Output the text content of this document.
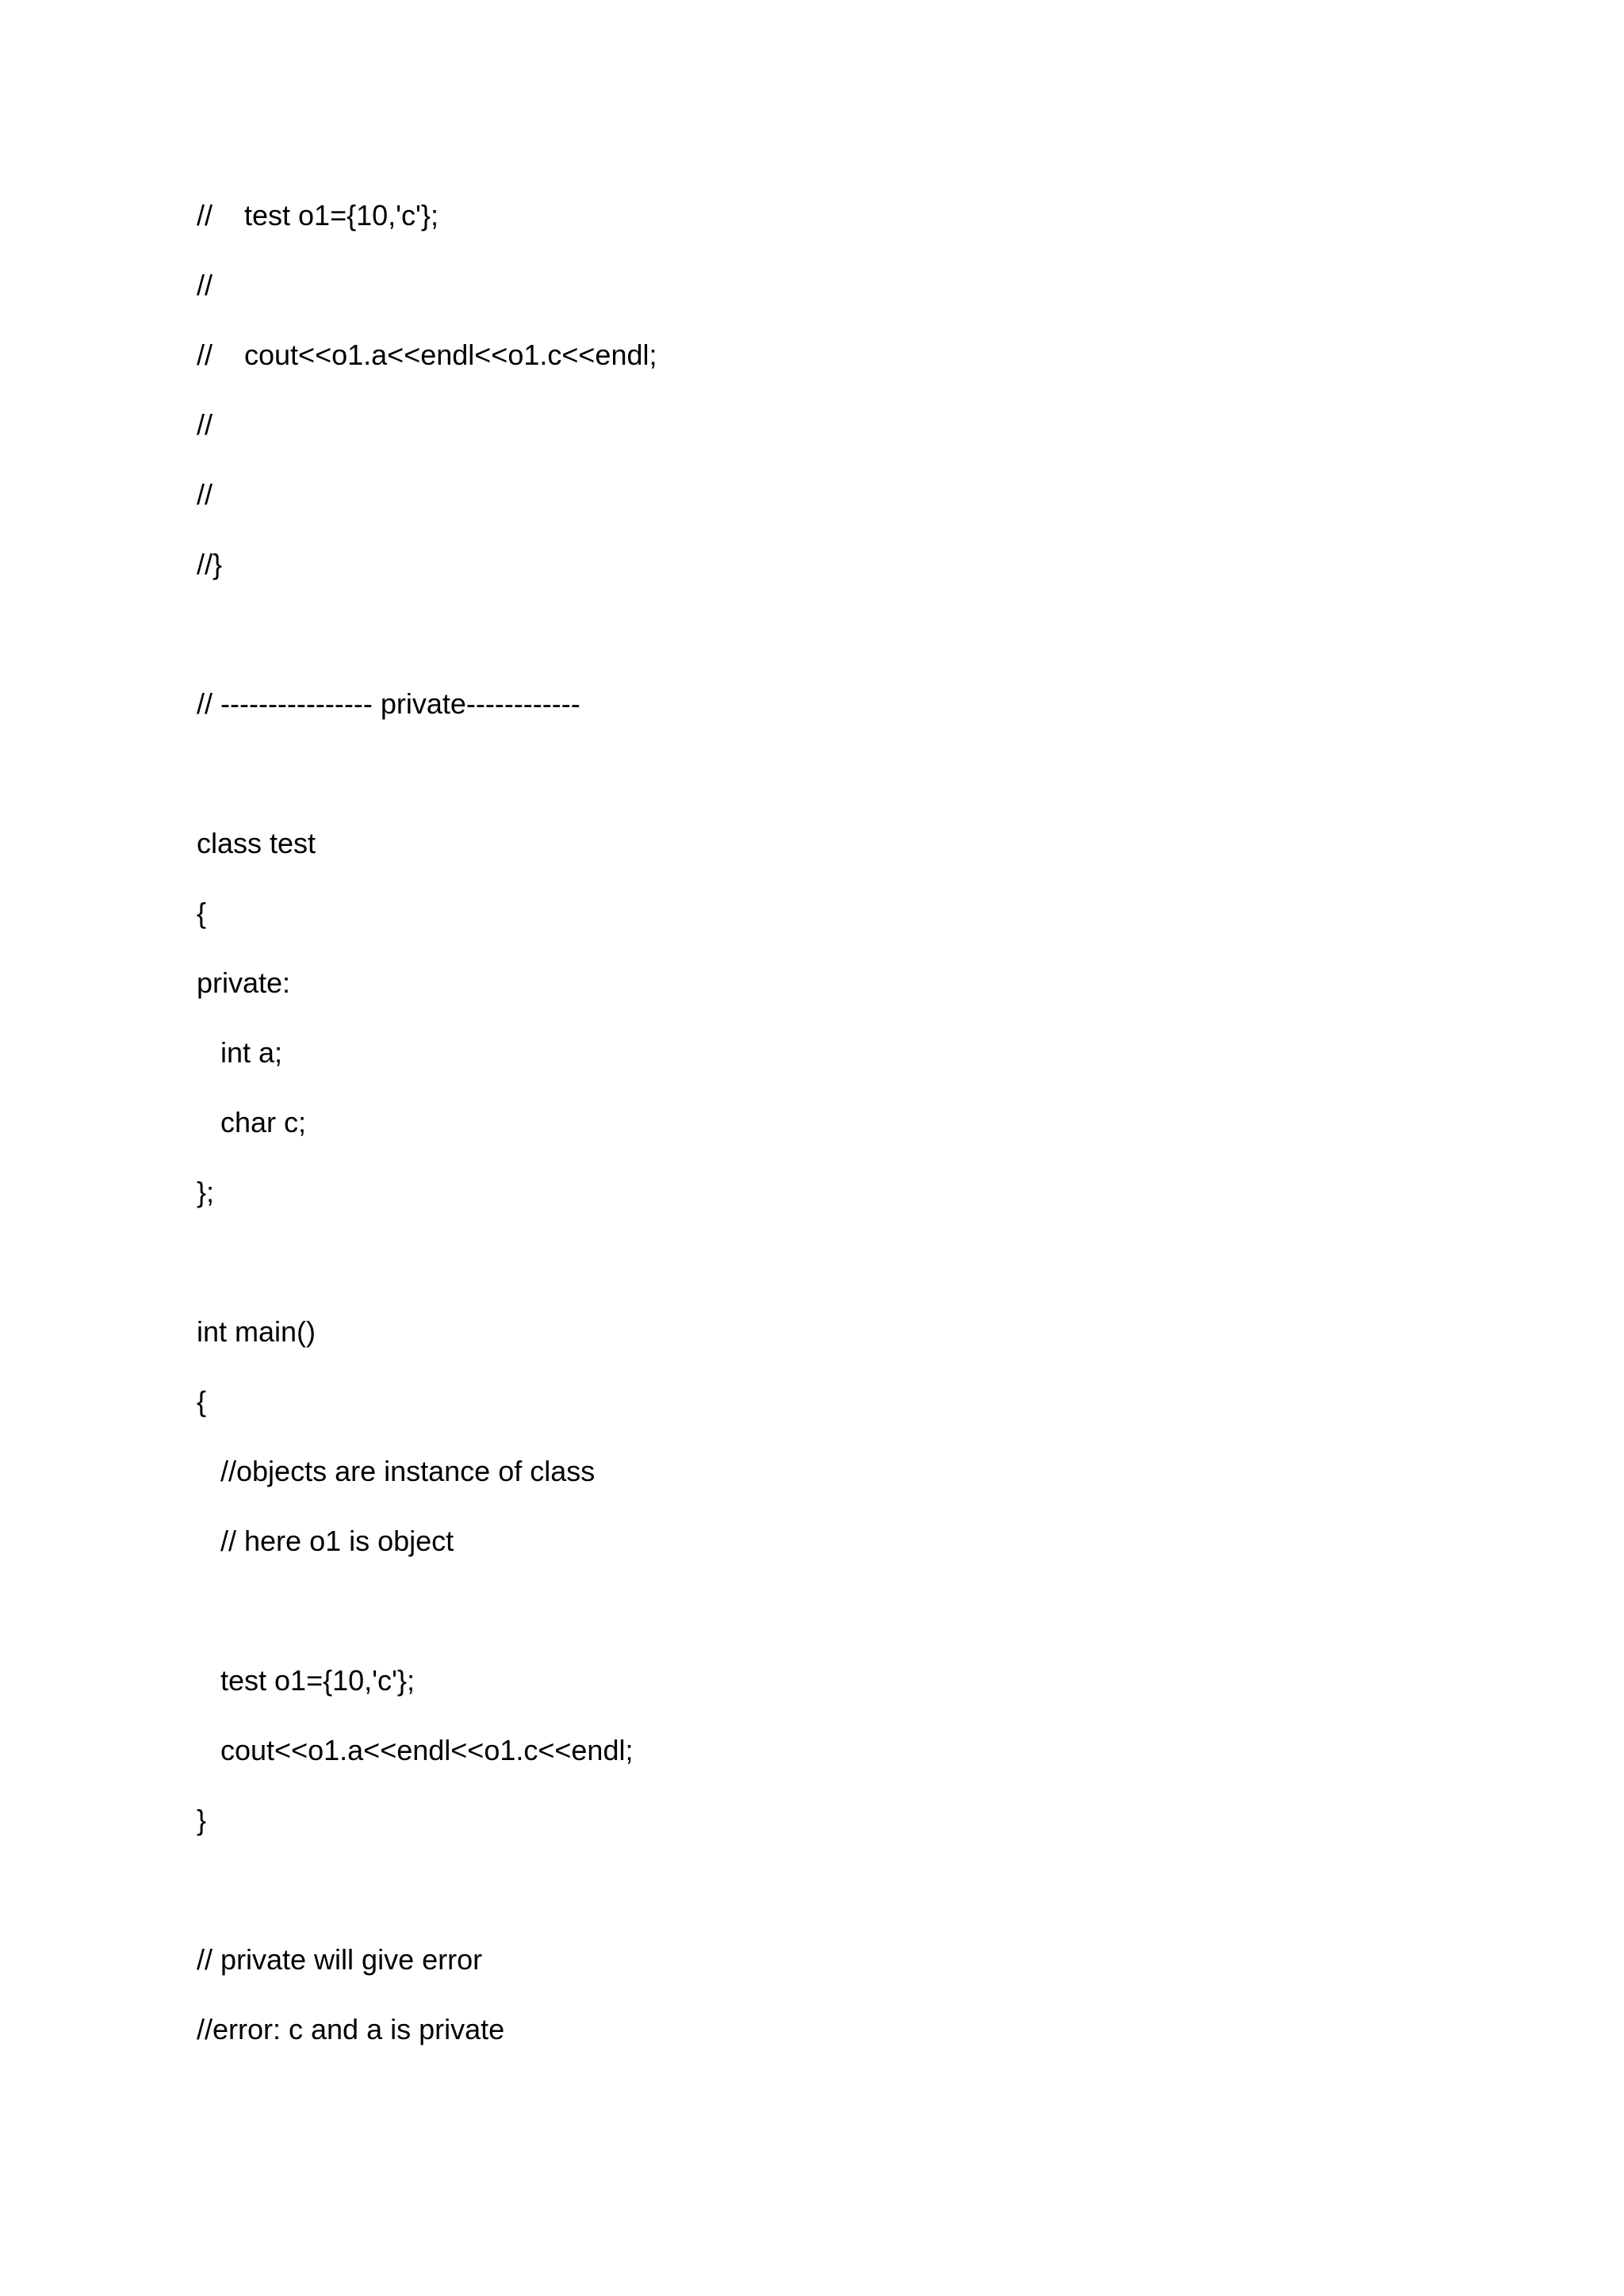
//    test o1={10,'c'};

//

//    cout<<o1.a<<endl<<o1.c<<endl;

//

//

//}

// ---------------- private------------

class test

{

private:

int a;

char c;

};

int main()

{

//objects are instance of class

// here o1 is object

test o1={10,'c'};

cout<<o1.a<<endl<<o1.c<<endl;

}

// private will give error

//error: c and a is private
